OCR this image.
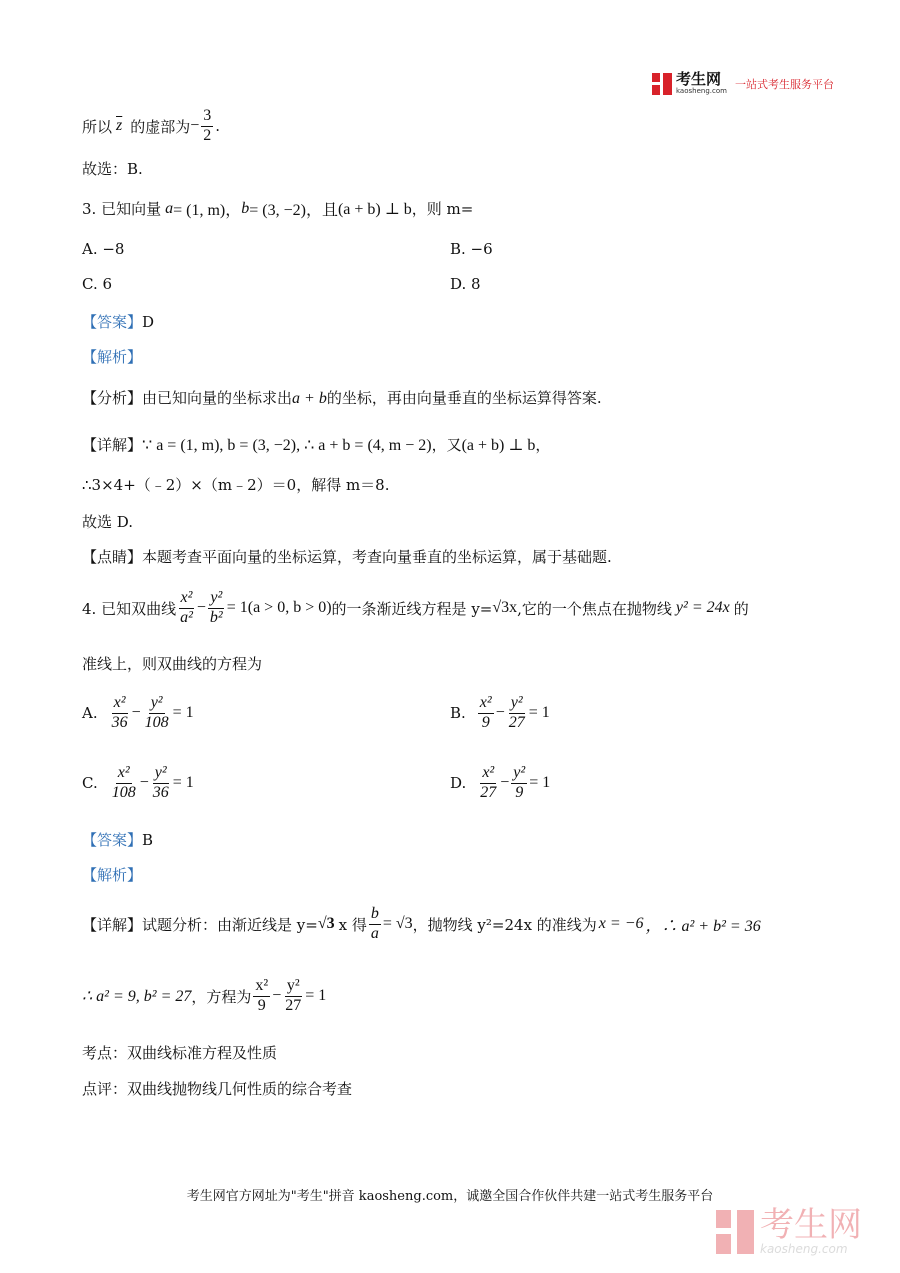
考生网
kaosheng.com
一站式考生服务平台
所以 $\overline{z}$ 的虚部为 − $\frac{3}{2}$ .
故选：B.
3. 已知向量 a = (1, m)， b = (3, −2)，且 (a + b) ⊥ b ，则 m=
A. −8	B. −6
C. 6	D. 8
【答案】D
【解析】
【分析】由已知向量的坐标求出a + b的坐标，再由向量垂直的坐标运算得答案.
【详解】∵ a = (1, m), b = (3, −2), ∴ a + b = (4, m − 2)，又(a + b) ⊥ b，
∴3×4+（﹣2）×（m﹣2）＝0，解得 m＝8.
故选 D.
【点睛】本题考查平面向量的坐标运算，考查向量垂直的坐标运算，属于基础题.
4. 已知双曲线 $\frac{\text{x²}}{\text{a²}} - \frac{\text{y²}}{\text{b²}} = 1(a > 0$, b > 0) 的一条渐近线方程是 y= √3x ,它的一个焦点在抛物线 y² = 24x 的
准线上，则双曲线的方程为
A. $\frac{\text{x²}}{36} - \frac{\text{y²}}{108} = 1$	B. $\frac{\text{x²}}{9} - \frac{\text{y²}}{27} = 1$
C. $\frac{\text{x²}}{108} - \frac{\text{y²}}{36} = 1$	D. $\frac{\text{x²}}{27} - \frac{\text{y²}}{9} = 1$
【答案】B
【解析】
【详解】 试题分析：由渐近线是 y= √3 x 得 $\frac{b}{a} = √3$ ，抛物线 y²=24x 的准线为 x = −6 ，∴ a² + b² = 36
∴ a² = 9, b² = 27 ，方程为 $\frac{\text{x²}}{9} - \frac{\text{y²}}{27} = 1$
考点：双曲线标准方程及性质
点评：双曲线抛物线几何性质的综合考查
考生网官方网址为"考生"拼音 kaosheng.com，诚邀全国合作伙伴共建一站式考生服务平台
考生网
kaosheng.com
